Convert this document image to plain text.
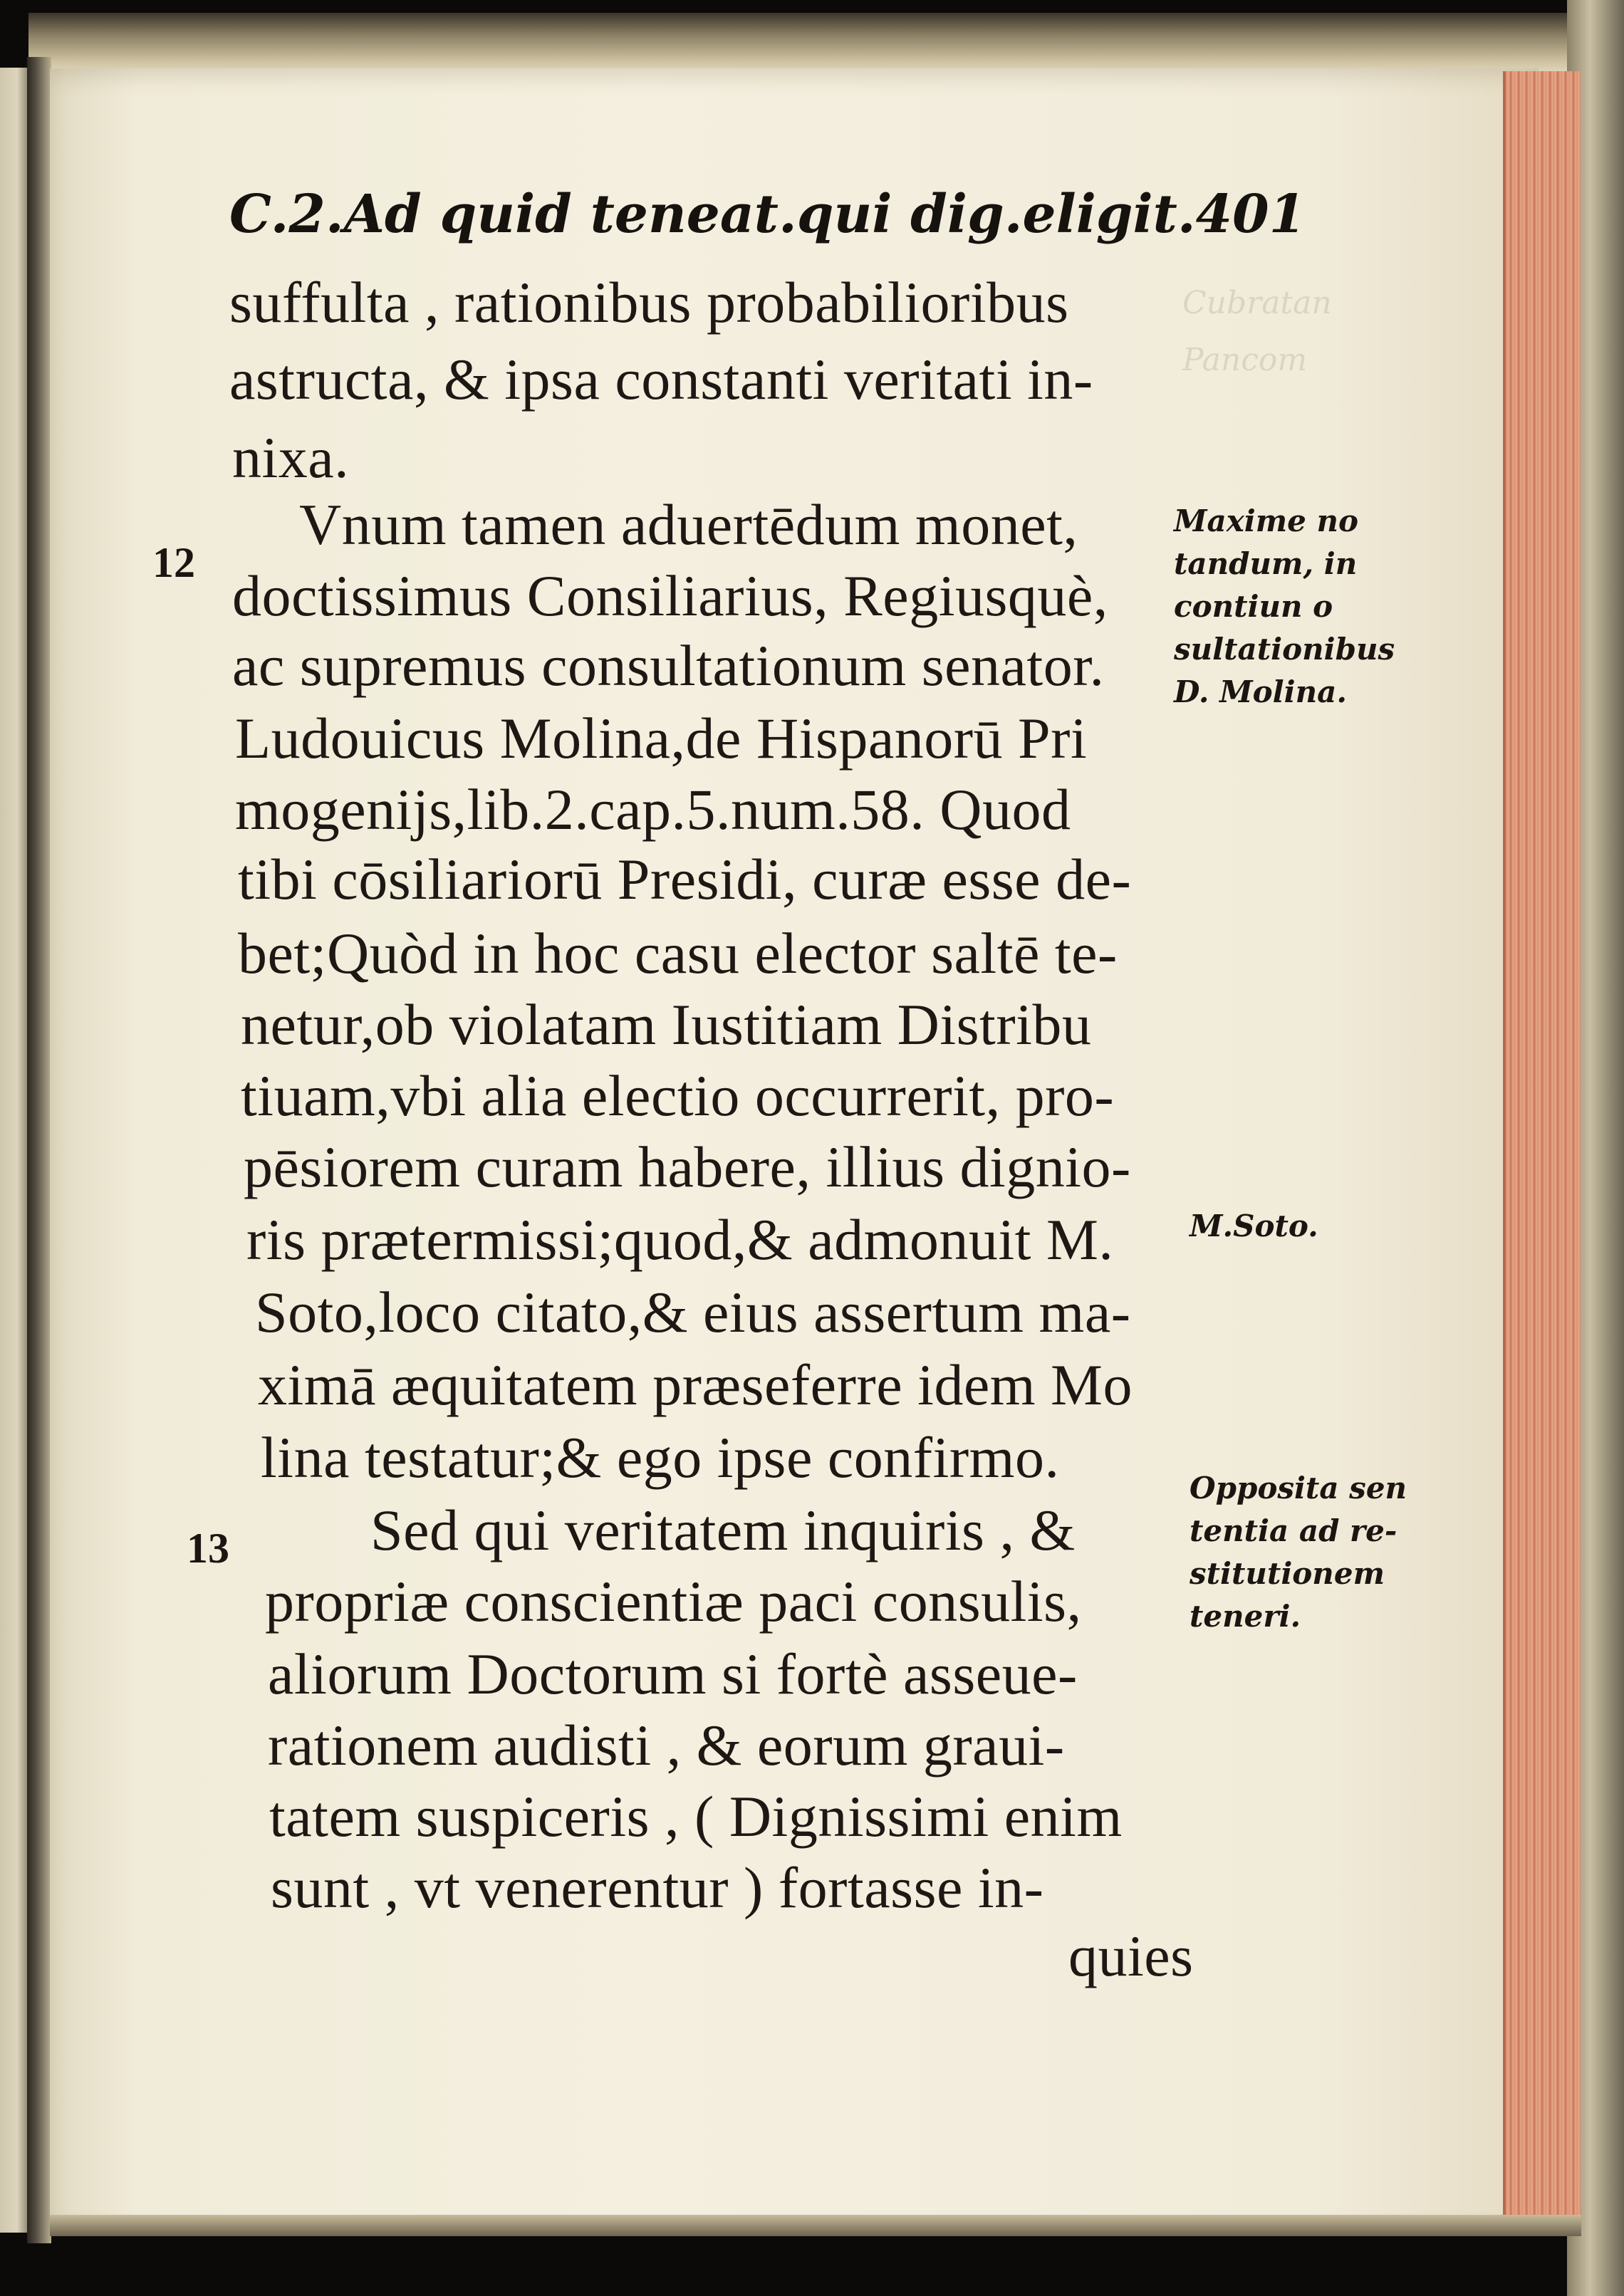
Cubratan
Pancom
C.2.Ad quid teneat.qui dig.eligit. 401
suffulta , rationibus probabilioribus
astructa, & ipsa constanti veritati in-
nixa.
Vnum tamen aduertēdum monet,
doctissimus Consiliarius, Regiusquè,
ac supremus consultationum senator.
Ludouicus Molina,de Hispanorū Pri
mogenijs,lib.2.cap.5.num.58. Quod
tibi cōsiliariorū Presidi, curæ esse de-
bet;Quòd in hoc casu elector saltē te-
netur,ob violatam Iustitiam Distribu
tiuam,vbi alia electio occurrerit, pro-
pēsiorem curam habere, illius dignio-
ris prætermissi;quod,& admonuit M.
Soto,loco citato,& eius assertum ma-
ximā æquitatem præseferre idem Mo
lina testatur;& ego ipse confirmo.
Sed qui veritatem inquiris , &
propriæ conscientiæ paci consulis,
aliorum Doctorum si fortè asseue-
rationem audisti , & eorum graui-
tatem suspiceris , ( Dignissimi enim
sunt , vt venerentur ) fortasse in-
quies
12
13
Maxime no
tandum, in
contiun o
sultationibus
D. Molina.
M.Soto.
Opposita sen
tentia ad re-
stitutionem
teneri.
